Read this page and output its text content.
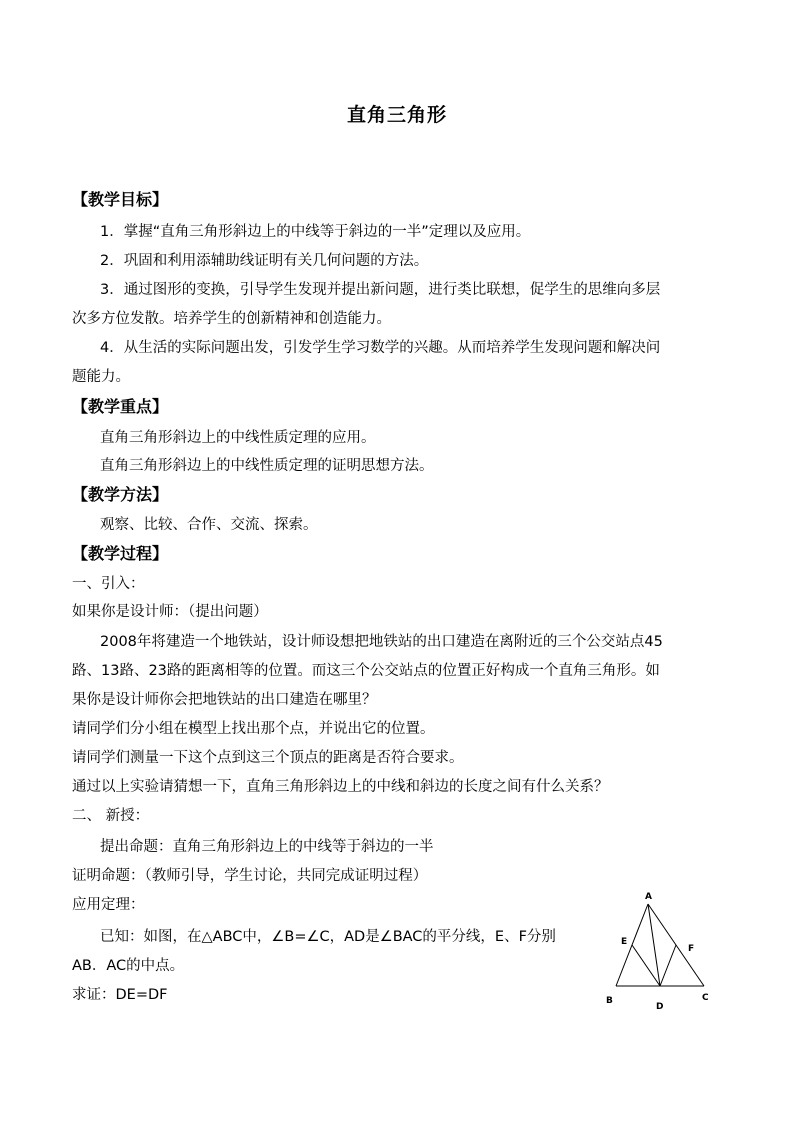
直角三角形
【教学目标】
1．掌握“直角三角形斜边上的中线等于斜边的一半”定理以及应用。
2．巩固和利用添辅助线证明有关几何问题的方法。
3．通过图形的变换，引导学生发现并提出新问题，进行类比联想，促学生的思维向多层
次多方位发散。培养学生的创新精神和创造能力。
4．从生活的实际问题出发，引发学生学习数学的兴趣。从而培养学生发现问题和解决问
题能力。
【教学重点】
直角三角形斜边上的中线性质定理的应用。
直角三角形斜边上的中线性质定理的证明思想方法。
【教学方法】
观察、比较、合作、交流、探索。
【教学过程】
一、引入：
如果你是设计师：（提出问题）
2008年将建造一个地铁站，设计师设想把地铁站的出口建造在离附近的三个公交站点45
路、13路、23路的距离相等的位置。而这三个公交站点的位置正好构成一个直角三角形。如
果你是设计师你会把地铁站的出口建造在哪里？
请同学们分小组在模型上找出那个点，并说出它的位置。
请同学们测量一下这个点到这三个顶点的距离是否符合要求。
通过以上实验请猜想一下，直角三角形斜边上的中线和斜边的长度之间有什么关系？
二、 新授：
提出命题：直角三角形斜边上的中线等于斜边的一半
证明命题：（教师引导，学生讨论，共同完成证明过程）
应用定理：
已知：如图，在△ABC中，∠B=∠C，AD是∠BAC的平分线，E、F分别
AB．AC的中点。
求证：DE=DF
A
B	C
D
E
F
